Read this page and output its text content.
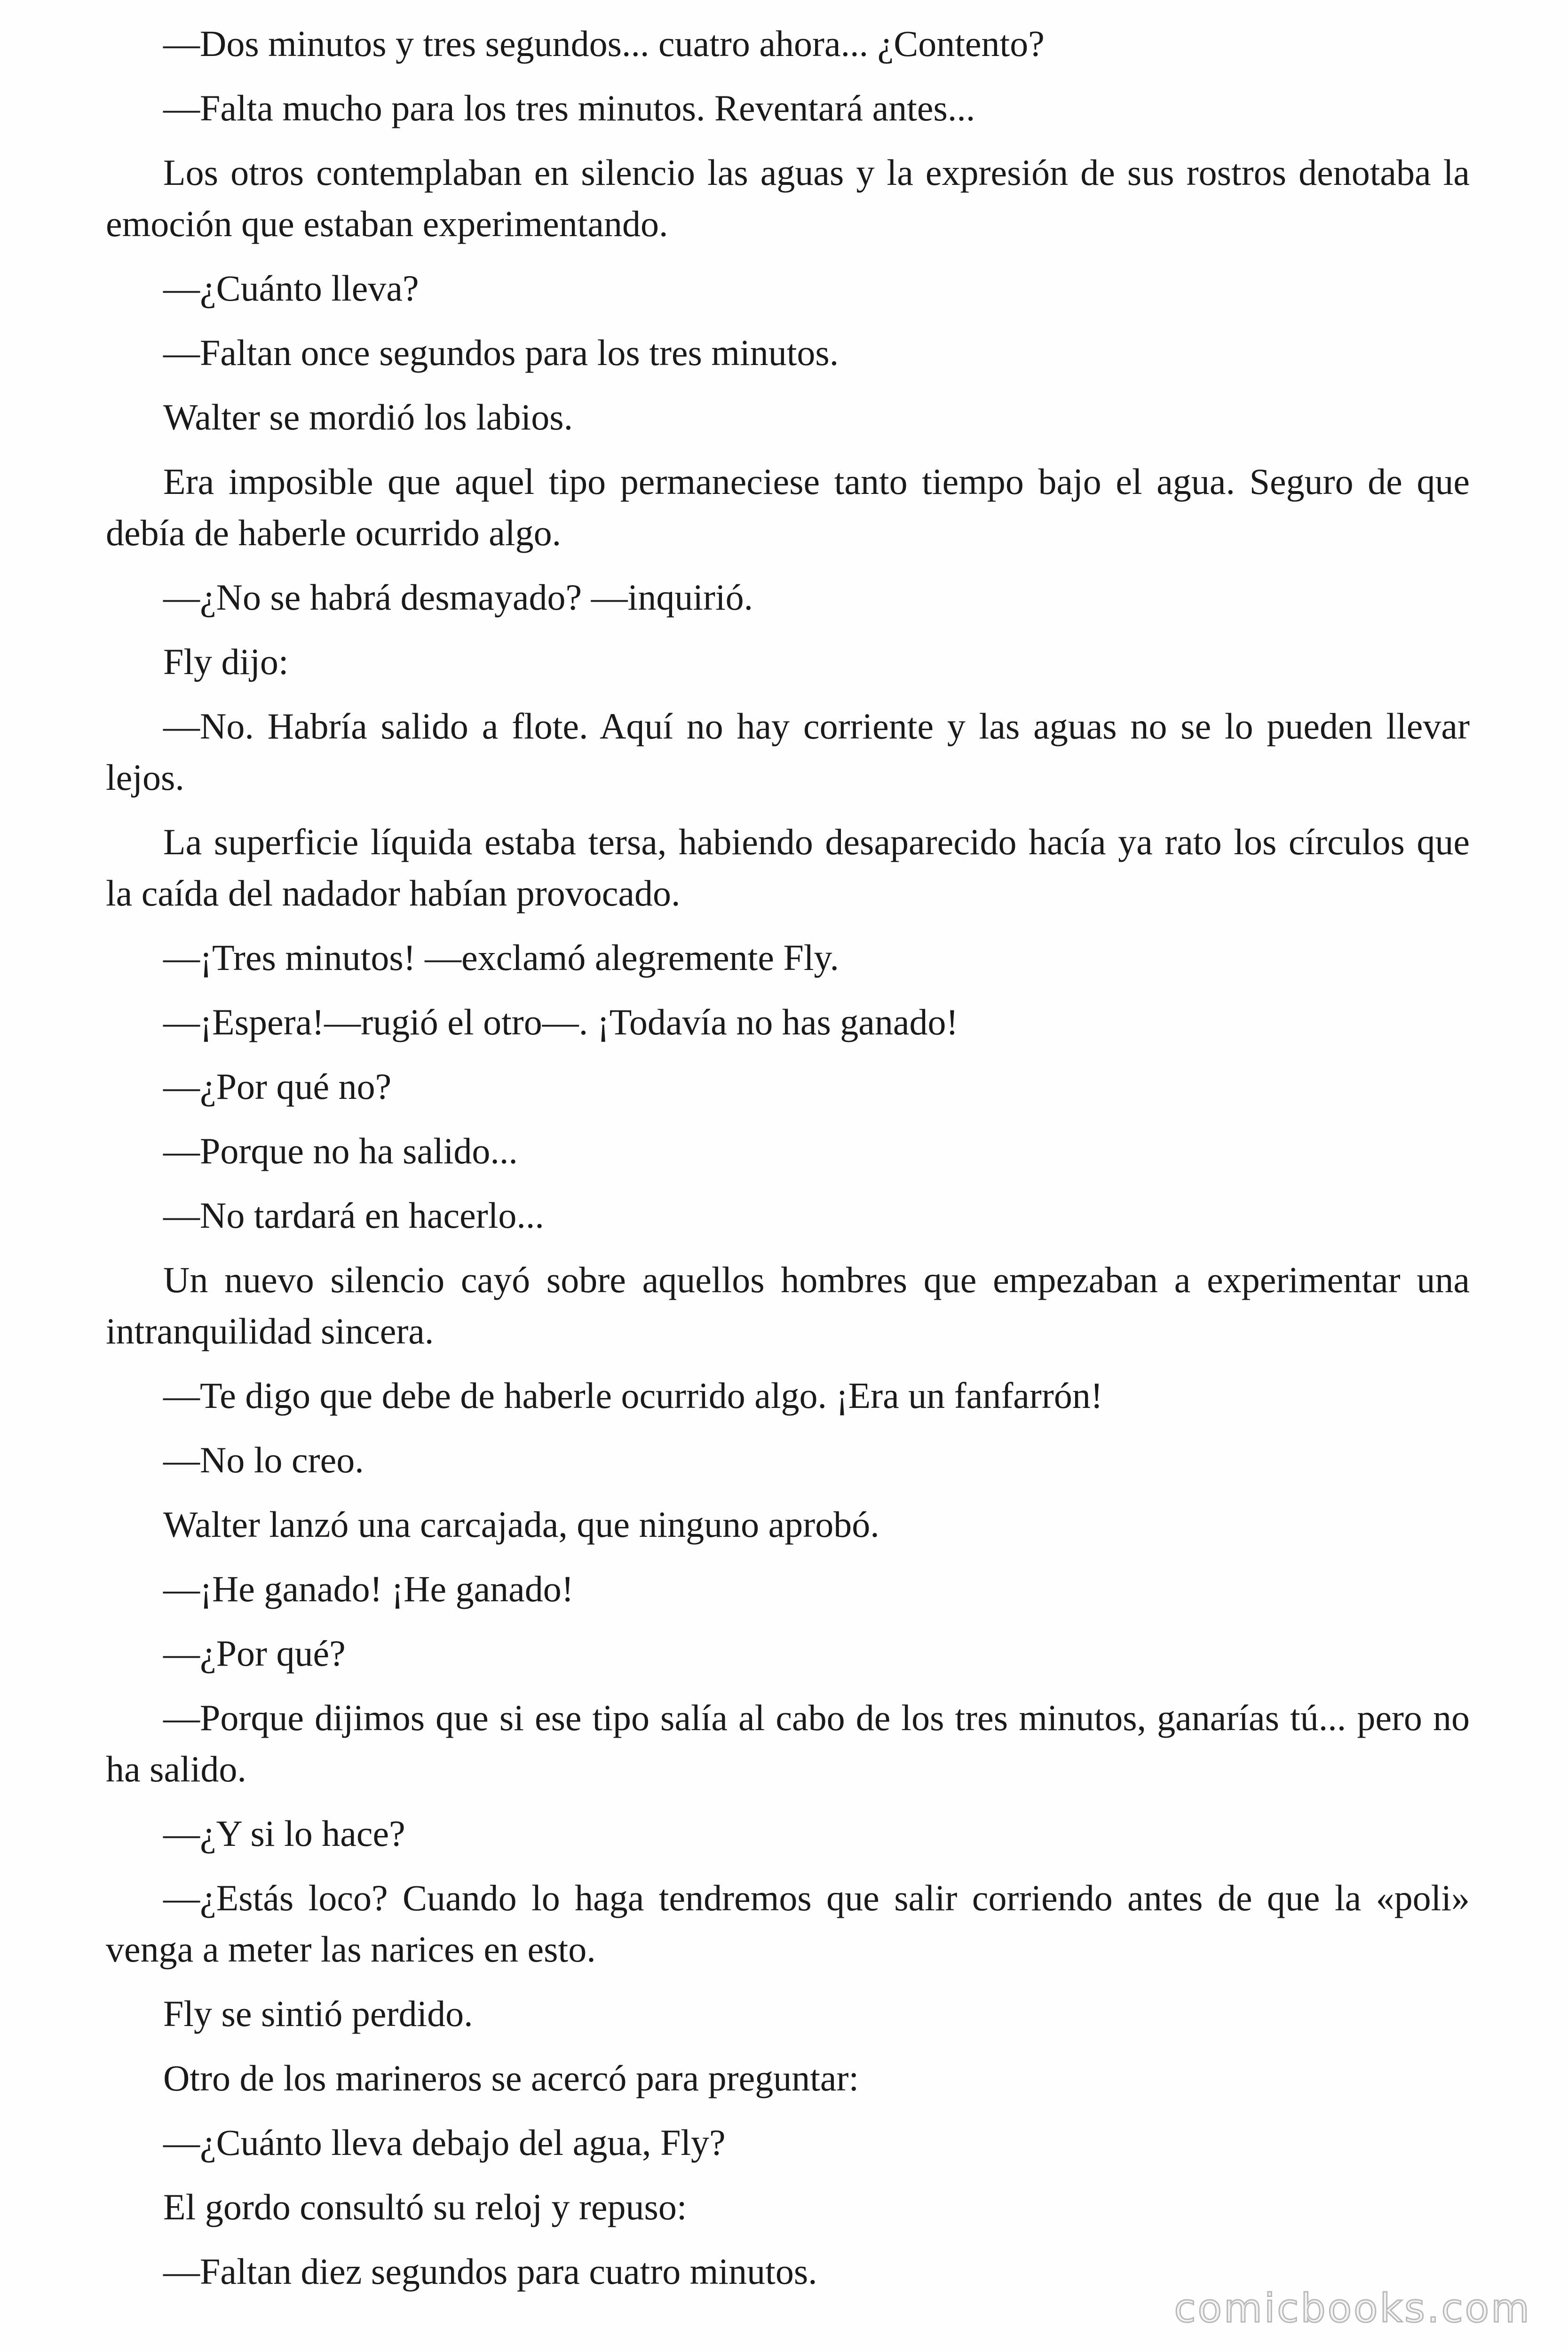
—Dos minutos y tres segundos... cuatro ahora... ¿Contento?

—Falta mucho para los tres minutos. Reventará antes...

Los otros contemplaban en silencio las aguas y la expresión de sus rostros denotaba la emoción que estaban experimentando.

—¿Cuánto lleva?

—Faltan once segundos para los tres minutos.

Walter se mordió los labios.

Era imposible que aquel tipo permaneciese tanto tiempo bajo el agua. Seguro de que debía de haberle ocurrido algo.

—¿No se habrá desmayado? —inquirió.

Fly dijo:

—No. Habría salido a flote. Aquí no hay corriente y las aguas no se lo pueden llevar lejos.

La superficie líquida estaba tersa, habiendo desaparecido hacía ya rato los círculos que la caída del nadador habían provocado.

—¡Tres minutos! —exclamó alegremente Fly.

—¡Espera!—rugió el otro—. ¡Todavía no has ganado!

—¿Por qué no?

—Porque no ha salido...

—No tardará en hacerlo...

Un nuevo silencio cayó sobre aquellos hombres que empezaban a experimentar una intranquilidad sincera.

—Te digo que debe de haberle ocurrido algo. ¡Era un fanfarrón!

—No lo creo.

Walter lanzó una carcajada, que ninguno aprobó.

—¡He ganado! ¡He ganado!

—¿Por qué?

—Porque dijimos que si ese tipo salía al cabo de los tres minutos, ganarías tú... pero no ha salido.

—¿Y si lo hace?

—¿Estás loco? Cuando lo haga tendremos que salir corriendo antes de que la «poli» venga a meter las narices en esto.

Fly se sintió perdido.

Otro de los marineros se acercó para preguntar:

—¿Cuánto lleva debajo del agua, Fly?

El gordo consultó su reloj y repuso:

—Faltan diez segundos para cuatro minutos.

comicbooks.com
